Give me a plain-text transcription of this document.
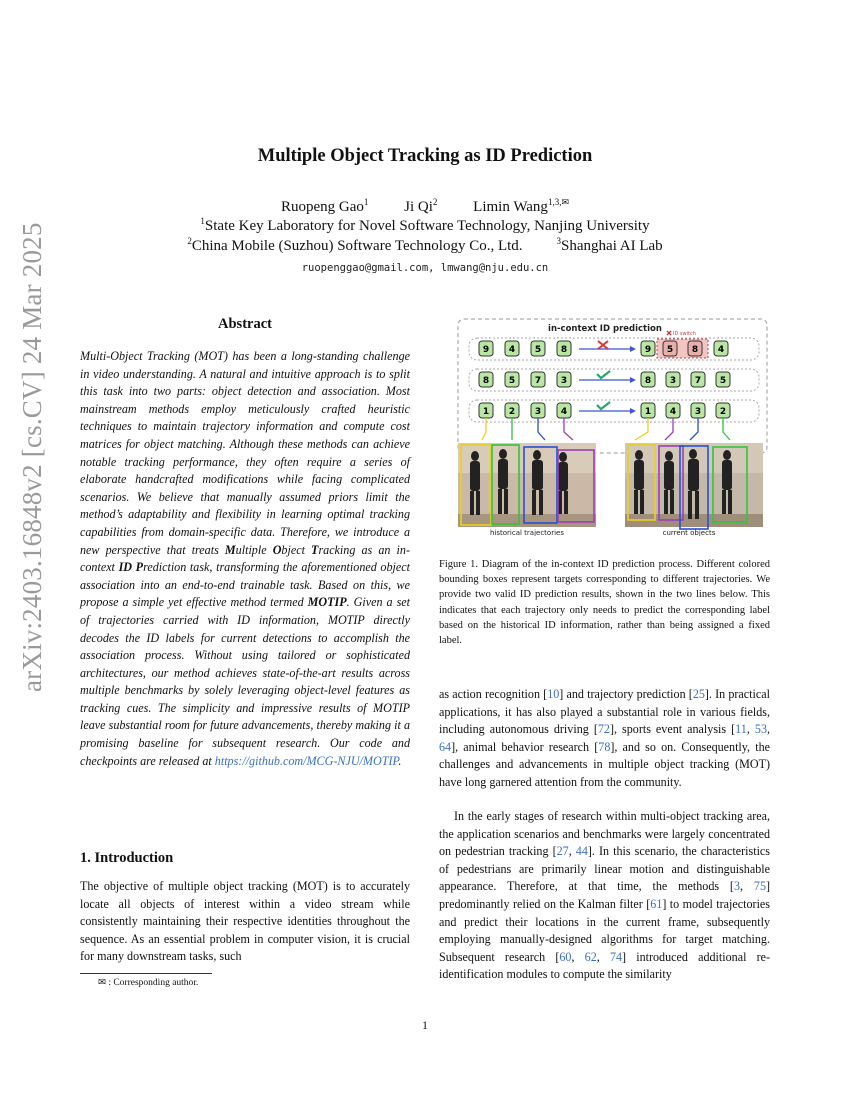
arXiv:2403.16848v2 [cs.CV] 24 Mar 2025
Multiple Object Tracking as ID Prediction
Ruopeng Gao$^1$ Ji Qi$^2$ Limin Wang$^{1,3,✉}$
$^1$State Key Laboratory for Novel Software Technology, Nanjing University
$^2$China Mobile (Suzhou) Software Technology Co., Ltd.	$^3$Shanghai AI Lab
ruopenggao@gmail.com, lmwang@nju.edu.cn
Abstract
Multi-Object Tracking (MOT) has been a long-standing challenge in video understanding. A natural and intuitive approach is to split this task into two parts: object detection and association. Most mainstream methods employ meticulously crafted heuristic techniques to maintain trajectory information and compute cost matrices for object matching. Although these methods can achieve notable tracking performance, they often require a series of elaborate handcrafted modifications while facing complicated scenarios. We believe that manually assumed priors limit the method’s adaptability and flexibility in learning optimal tracking capabilities from domain-specific data. Therefore, we introduce a new perspective that treats Multiple Object Tracking as an in-context ID Prediction task, transforming the aforementioned object association into an end-to-end trainable task. Based on this, we propose a simple yet effective method termed MOTIP. Given a set of trajectories carried with ID information, MOTIP directly decodes the ID labels for current detections to accomplish the association process. Without using tailored or sophisticated architectures, our method achieves state-of-the-art results across multiple benchmarks by solely leveraging object-level features as tracking cues. The simplicity and impressive results of MOTIP leave substantial room for future advancements, thereby making it a promising baseline for subsequent research. Our code and checkpoints are released at https://github.com/MCG-NJU/MOTIP.
1. Introduction
The objective of multiple object tracking (MOT) is to accurately locate all objects of interest within a video stream while consistently maintaining their respective identities throughout the sequence. As an essential problem in computer vision, it is crucial for many downstream tasks, such
✉ : Corresponding author.
in-context ID prediction
9 4 5 8
ID switch
9 5 8 4
8 5 7 3	8 3 7 5
1 2 3 4	1 4 3 2
historical trajectories	current objects
Figure 1. Diagram of the in-context ID prediction process. Different colored bounding boxes represent targets corresponding to different trajectories. We provide two valid ID prediction results, shown in the two lines below. This indicates that each trajectory only needs to predict the corresponding label based on the historical ID information, rather than being assigned a fixed label.
as action recognition [10] and trajectory prediction [25]. In practical applications, it has also played a substantial role in various fields, including autonomous driving [72], sports event analysis [11, 53, 64], animal behavior research [78], and so on. Consequently, the challenges and advancements in multiple object tracking (MOT) have long garnered attention from the community.
In the early stages of research within multi-object tracking area, the application scenarios and benchmarks were largely concentrated on pedestrian tracking [27, 44]. In this scenario, the characteristics of pedestrians are primarily linear motion and distinguishable appearance. Therefore, at that time, the methods [3, 75] predominantly relied on the Kalman filter [61] to model trajectories and predict their locations in the current frame, subsequently employing manually-designed algorithms for target matching. Subsequent research [60, 62, 74] introduced additional re-identification modules to compute the similarity
1
